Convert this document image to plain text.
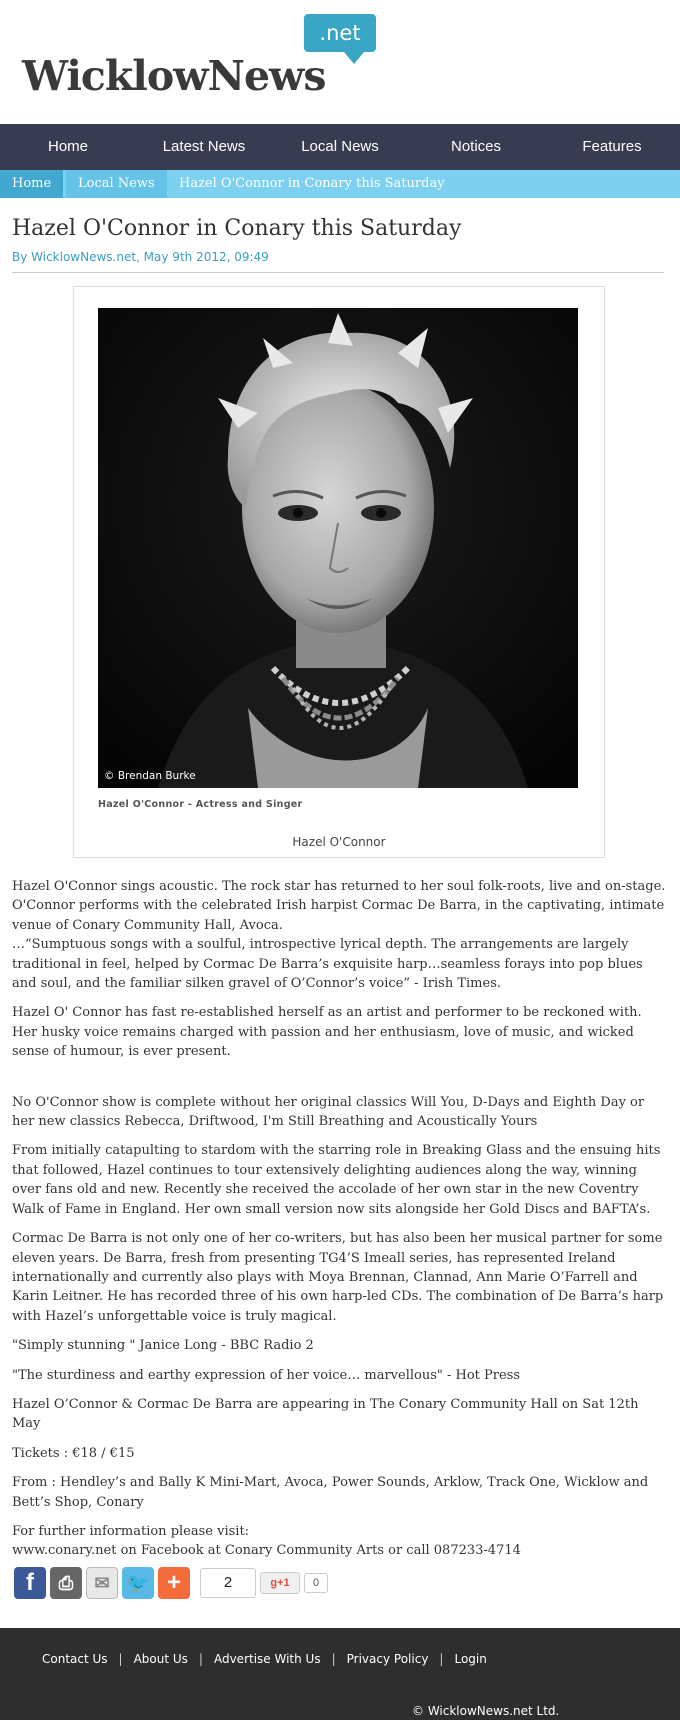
WicklowNews
.net
Home	Latest News	Local News	Notices	Features
Home	Local News	Hazel O'Connor in Conary this Saturday
Hazel O'Connor in Conary this Saturday
By WicklowNews.net, May 9th 2012, 09:49
© Brendan Burke
Hazel O'Connor - Actress and Singer
Hazel O'Connor

Hazel O'Connor sings acoustic. The rock star has returned to her soul folk-roots, live and on-stage. O'Connor performs with the celebrated Irish harpist Cormac De Barra, in the captivating, intimate venue of Conary Community Hall, Avoca.
…“Sumptuous songs with a soulful, introspective lyrical depth. The arrangements are largely traditional in feel, helped by Cormac De Barra’s exquisite harp…seamless forays into pop blues and soul, and the familiar silken gravel of O’Connor’s voice” - Irish Times.

Hazel O' Connor has fast re-established herself as an artist and performer to be reckoned with. Her husky voice remains charged with passion and her enthusiasm, love of music, and wicked sense of humour, is ever present.

No O'Connor show is complete without her original classics Will You, D-Days and Eighth Day or her new classics Rebecca, Driftwood, I'm Still Breathing and Acoustically Yours

From initially catapulting to stardom with the starring role in Breaking Glass and the ensuing hits that followed, Hazel continues to tour extensively delighting audiences along the way, winning over fans old and new. Recently she received the accolade of her own star in the new Coventry Walk of Fame in England. Her own small version now sits alongside her Gold Discs and BAFTA’s.

Cormac De Barra is not only one of her co-writers, but has also been her musical partner for some eleven years. De Barra, fresh from presenting TG4’S Imeall series, has represented Ireland internationally and currently also plays with Moya Brennan, Clannad, Ann Marie O’Farrell and Karin Leitner. He has recorded three of his own harp-led CDs. The combination of De Barra’s harp with Hazel’s unforgettable voice is truly magical.

"Simply stunning " Janice Long - BBC Radio 2

"The sturdiness and earthy expression of her voice… marvellous" - Hot Press

Hazel O’Connor & Cormac De Barra are appearing in The Conary Community Hall on Sat 12th May

Tickets : €18 / €15

From : Hendley’s and Bally K Mini-Mart, Avoca, Power Sounds, Arklow, Track One, Wicklow and Bett’s Shop, Conary

For further information please visit:
www.conary.net on Facebook at Conary Community Arts or call 087233-4714

f	⎙	✉ 🐦 +	2	g+1	0
Contact Us | About Us | Advertise With Us | Privacy Policy | Login
© WicklowNews.net Ltd.
